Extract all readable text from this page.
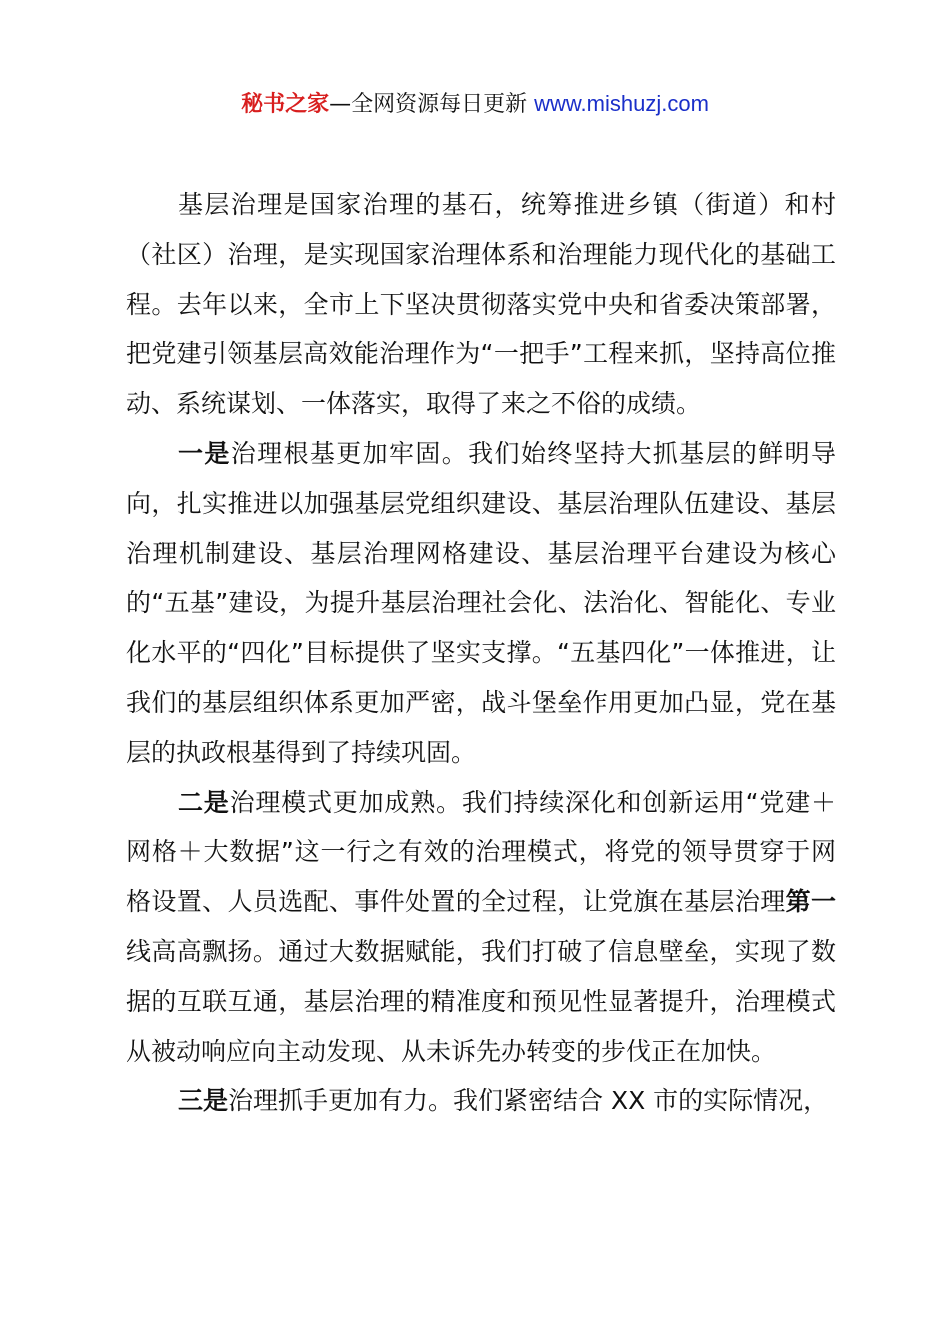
秘书之家—全网资源每日更新 www.mishuzj.com

基层治理是国家治理的基石，统筹推进乡镇（街道）和村（社区）治理，是实现国家治理体系和治理能力现代化的基础工程。去年以来，全市上下坚决贯彻落实党中央和省委决策部署，把党建引领基层高效能治理作为“一把手”工程来抓，坚持高位推动、系统谋划、一体落实，取得了来之不俗的成绩。

一是治理根基更加牢固。我们始终坚持大抓基层的鲜明导向，扎实推进以加强基层党组织建设、基层治理队伍建设、基层治理机制建设、基层治理网格建设、基层治理平台建设为核心的“五基”建设，为提升基层治理社会化、法治化、智能化、专业化水平的“四化”目标提供了坚实支撑。“五基四化”一体推进，让我们的基层组织体系更加严密，战斗堡垒作用更加凸显，党在基层的执政根基得到了持续巩固。

二是治理模式更加成熟。我们持续深化和创新运用“党建＋网格＋大数据”这一行之有效的治理模式，将党的领导贯穿于网格设置、人员选配、事件处置的全过程，让党旗在基层治理第一线高高飘扬。通过大数据赋能，我们打破了信息壁垒，实现了数据的互联互通，基层治理的精准度和预见性显著提升，治理模式从被动响应向主动发现、从未诉先办转变的步伐正在加快。

三是治理抓手更加有力。我们紧密结合 XX 市的实际情况，
